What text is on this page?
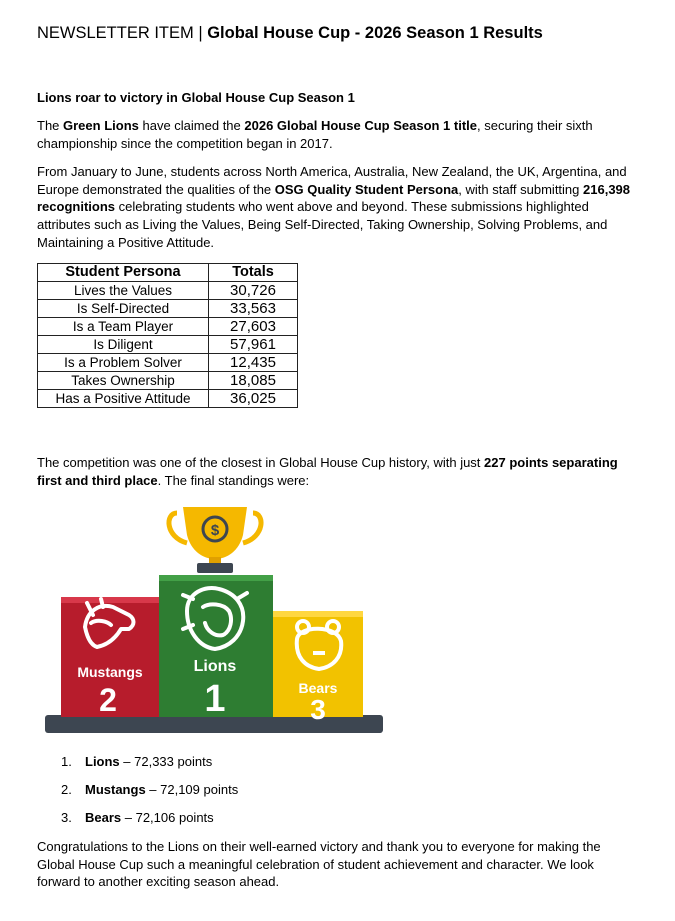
NEWSLETTER ITEM | Global House Cup - 2026 Season 1 Results

Lions roar to victory in Global House Cup Season 1

The Green Lions have claimed the 2026 Global House Cup Season 1 title, securing their sixth championship since the competition began in 2017.

From January to June, students across North America, Australia, New Zealand, the UK, Argentina, and Europe demonstrated the qualities of the OSG Quality Student Persona, with staff submitting 216,398 recognitions celebrating students who went above and beyond. These submissions highlighted attributes such as Living the Values, Being Self-Directed, Taking Ownership, Solving Problems, and Maintaining a Positive Attitude.

Student Persona	Totals
Lives the Values	30,726
Is Self-Directed	33,563
Is a Team Player	27,603
Is Diligent	57,961
Is a Problem Solver	12,435
Takes Ownership	18,085
Has a Positive Attitude	36,025

The competition was one of the closest in Global House Cup history, with just 227 points separating first and third place. The final standings were:

Mustangs
2	Bears
3
Lions
1
$
1. Lions – 72,333 points
2. Mustangs – 72,109 points
3. Bears – 72,106 points

Congratulations to the Lions on their well-earned victory and thank you to everyone for making the Global House Cup such a meaningful celebration of student achievement and character. We look forward to another exciting season ahead.
